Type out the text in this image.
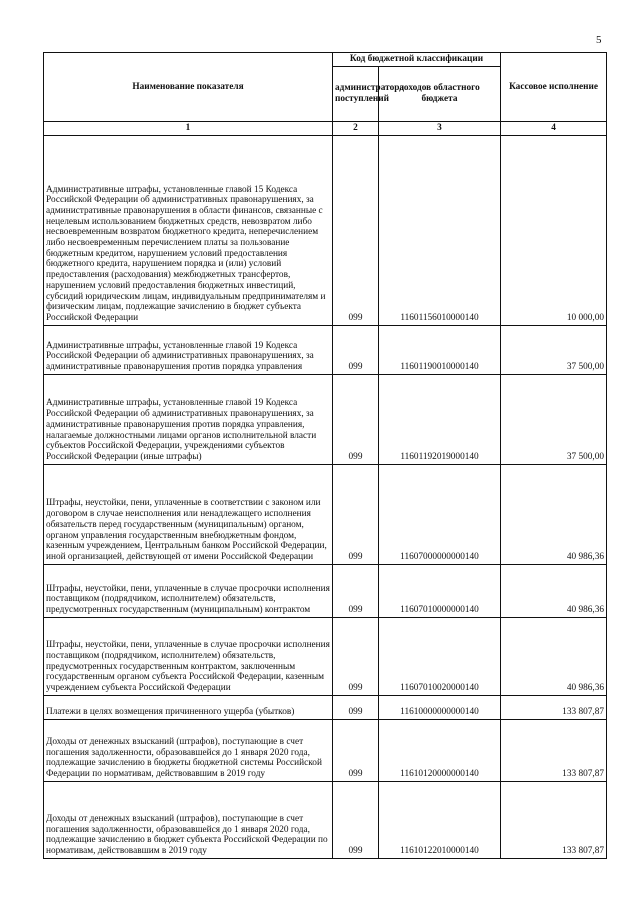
5
Наименование показателя	Код бюджетной классификации		Кассовое исполнение
	администратора поступлений	доходов областного бюджета	
1	2	3	4
Административные штрафы, установленные главой 15 Кодекса Российской Федерации об административных правонарушениях, за административные правонарушения в области финансов, связанные с нецелевым использованием бюджетных средств, невозвратом либо несвоевременным возвратом бюджетного кредита, неперечислением либо несвоевременным перечислением платы за пользование бюджетным кредитом, нарушением условий предоставления бюджетного кредита, нарушением порядка и (или) условий предоставления (расходования) межбюджетных трансфертов, нарушением условий предоставления бюджетных инвестиций, субсидий юридическим лицам, индивидуальным предпринимателям и физическим лицам, подлежащие зачислению в бюджет субъекта Российской Федерации	099	11601156010000140	10 000,00
Административные штрафы, установленные главой 19 Кодекса Российской Федерации об административных правонарушениях, за административные правонарушения против порядка управления	099	11601190010000140	37 500,00
Административные штрафы, установленные главой 19 Кодекса Российской Федерации об административных правонарушениях, за административные правонарушения против порядка управления, налагаемые должностными лицами органов исполнительной власти субъектов Российской Федерации, учреждениями субъектов Российской Федерации (иные штрафы)	099	11601192019000140	37 500,00
Штрафы, неустойки, пени, уплаченные в соответствии с законом или договором в случае неисполнения или ненадлежащего исполнения обязательств перед государственным (муниципальным) органом, органом управления государственным внебюджетным фондом, казенным учреждением, Центральным банком Российской Федерации, иной организацией, действующей от имени Российской Федерации	099	11607000000000140	40 986,36
Штрафы, неустойки, пени, уплаченные в случае просрочки исполнения поставщиком (подрядчиком, исполнителем) обязательств, предусмотренных государственным (муниципальным) контрактом	099	11607010000000140	40 986,36
Штрафы, неустойки, пени, уплаченные в случае просрочки исполнения поставщиком (подрядчиком, исполнителем) обязательств, предусмотренных государственным контрактом, заключенным государственным органом субъекта Российской Федерации, казенным учреждением субъекта Российской Федерации	099	11607010020000140	40 986,36
Платежи в целях возмещения причиненного ущерба (убытков)	099	11610000000000140	133 807,87
Доходы от денежных взысканий (штрафов), поступающие в счет погашения задолженности, образовавшейся до 1 января 2020 года, подлежащие зачислению в бюджеты бюджетной системы Российской Федерации по нормативам, действовавшим в 2019 году	099	11610120000000140	133 807,87
Доходы от денежных взысканий (штрафов), поступающие в счет погашения задолженности, образовавшейся до 1 января 2020 года, подлежащие зачислению в бюджет субъекта Российской Федерации по нормативам, действовавшим в 2019 году	099	11610122010000140	133 807,87
